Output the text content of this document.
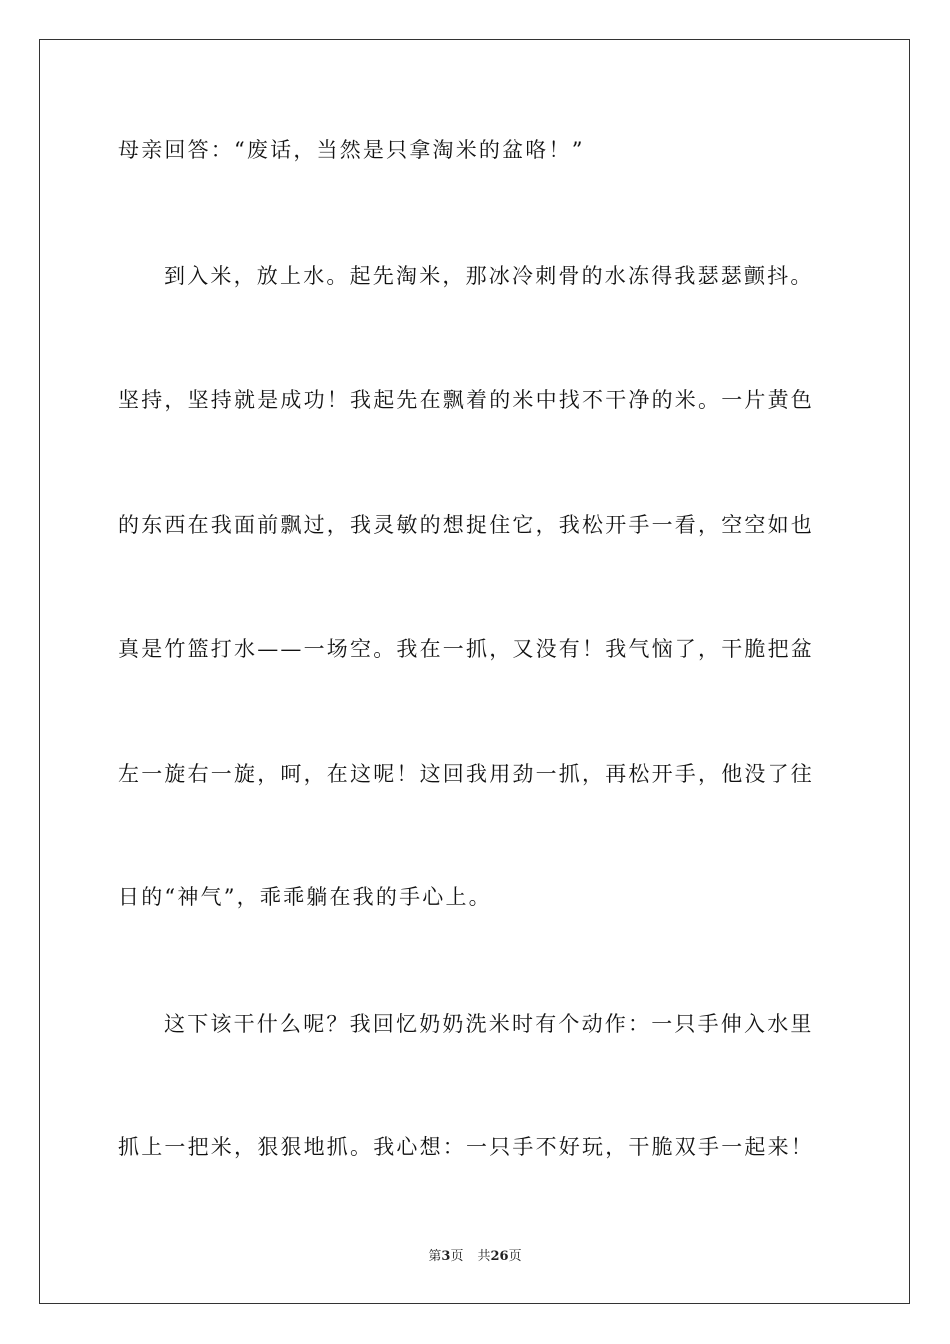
母亲回答：“废话，当然是只拿淘米的盆咯！”
到入米，放上水。起先淘米，那冰冷刺骨的水冻得我瑟瑟颤抖。
坚持，坚持就是成功！我起先在飘着的米中找不干净的米。一片黄色
的东西在我面前飘过，我灵敏的想捉住它，我松开手一看，空空如也
真是竹篮打水——一场空。我在一抓，又没有！我气恼了，干脆把盆
左一旋右一旋，呵，在这呢！这回我用劲一抓，再松开手，他没了往
日的“神气”，乖乖躺在我的手心上。
这下该干什么呢？我回忆奶奶洗米时有个动作：一只手伸入水里
抓上一把米，狠狠地抓。我心想：一只手不好玩，干脆双手一起来！
第3页 共26页
